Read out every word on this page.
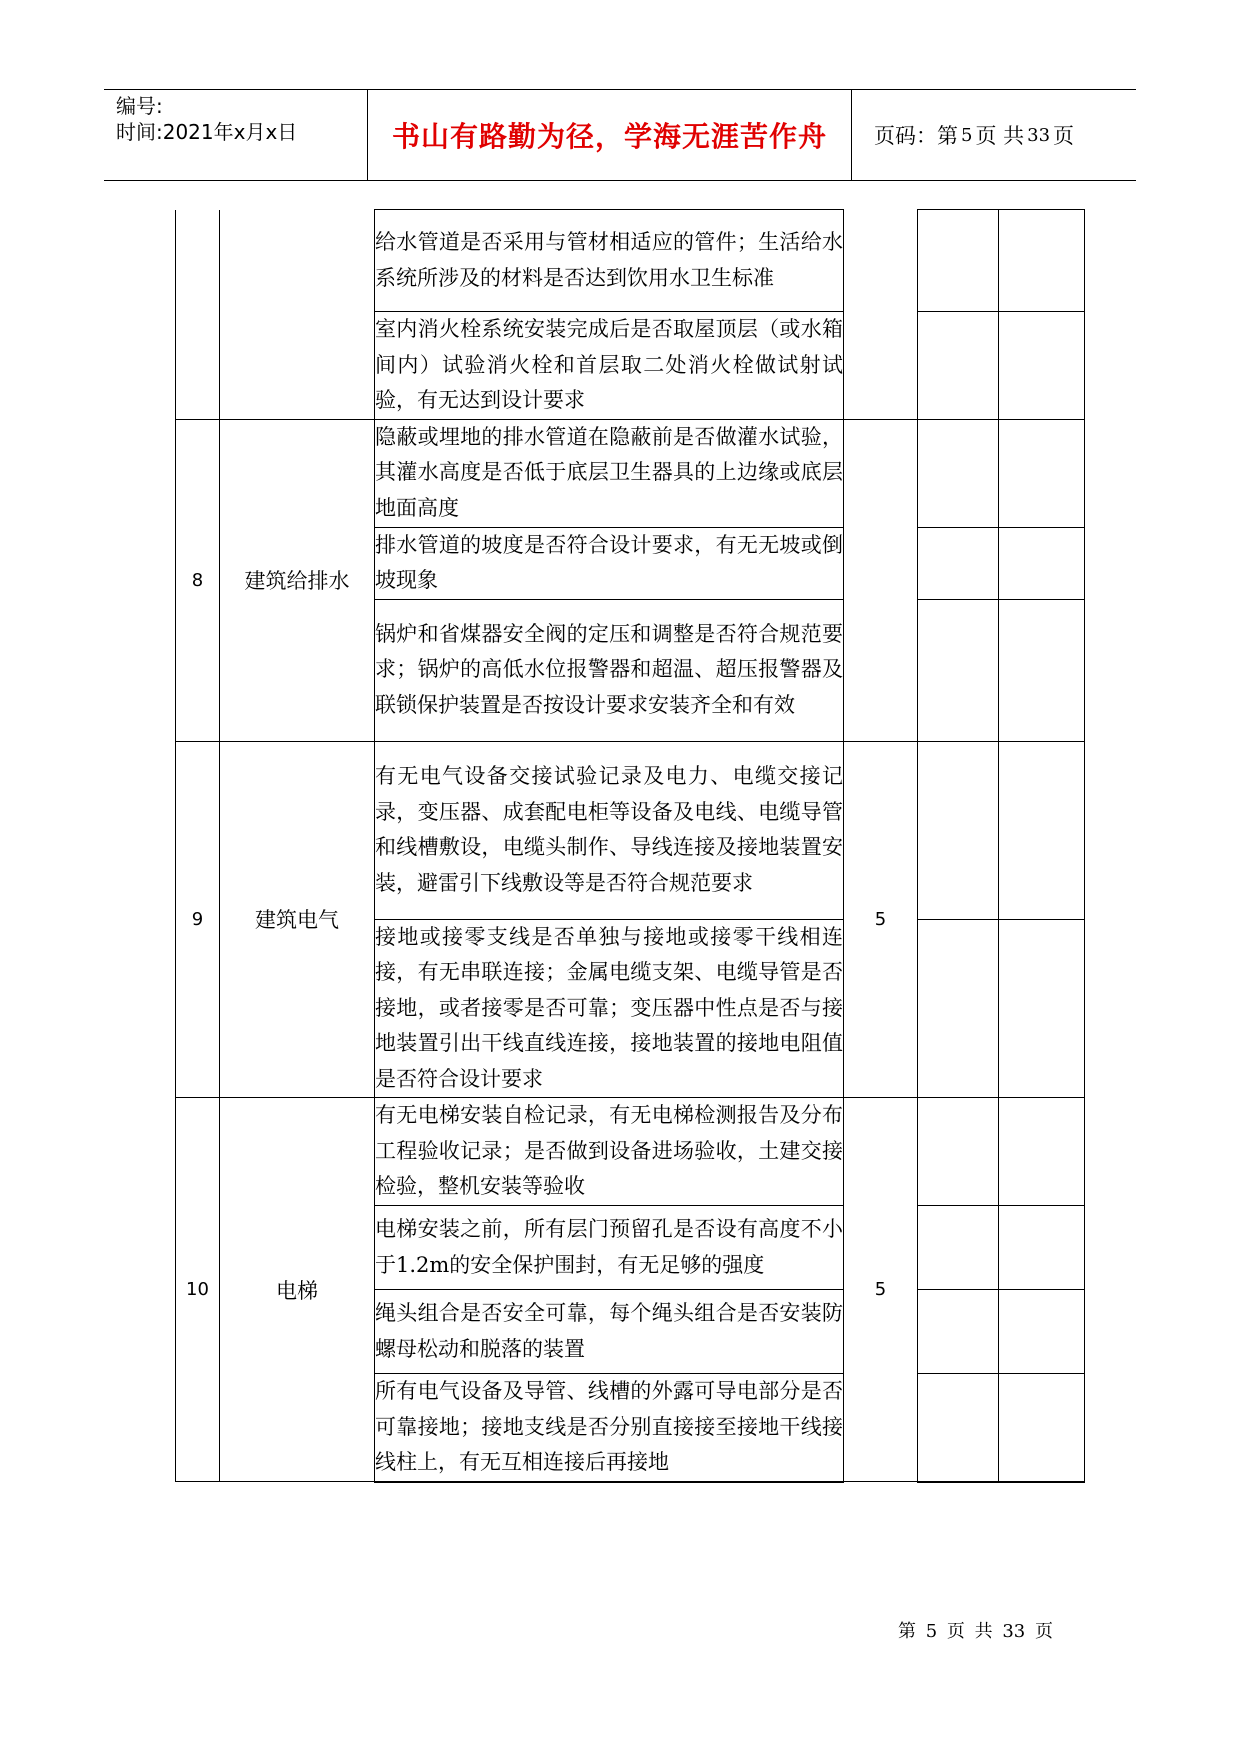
编号:
时间:2021年x月x日	书山有路勤为径，学海无涯苦作舟	页码：第 5 页 共 33 页
		给水管道是否采用与管材相适应的管件；生活给水系统所涉及的材料是否达到饮用水卫生标准			
		室内消火栓系统安装完成后是否取屋顶层（或水箱间内）试验消火栓和首层取二处消火栓做试射试验，有无达到设计要求			
8	建筑给排水	隐蔽或埋地的排水管道在隐蔽前是否做灌水试验，其灌水高度是否低于底层卫生器具的上边缘或底层地面高度			
		排水管道的坡度是否符合设计要求，有无无坡或倒坡现象			
		锅炉和省煤器安全阀的定压和调整是否符合规范要求；锅炉的高低水位报警器和超温、超压报警器及联锁保护装置是否按设计要求安装齐全和有效			
9	建筑电气	有无电气设备交接试验记录及电力、电缆交接记录，变压器、成套配电柜等设备及电线、电缆导管和线槽敷设，电缆头制作、导线连接及接地装置安装，避雷引下线敷设等是否符合规范要求	5		
		接地或接零支线是否单独与接地或接零干线相连接，有无串联连接；金属电缆支架、电缆导管是否接地，或者接零是否可靠；变压器中性点是否与接地装置引出干线直线连接，接地装置的接地电阻值是否符合设计要求			
10	电梯	有无电梯安装自检记录，有无电梯检测报告及分布工程验收记录；是否做到设备进场验收，土建交接检验，整机安装等验收	5		
		电梯安装之前，所有层门预留孔是否设有高度不小于1.2m的安全保护围封，有无足够的强度			
		绳头组合是否安全可靠，每个绳头组合是否安装防螺母松动和脱落的装置			
		所有电气设备及导管、线槽的外露可导电部分是否可靠接地；接地支线是否分别直接接至接地干线接线柱上，有无互相连接后再接地			
第 5 页 共 33 页
